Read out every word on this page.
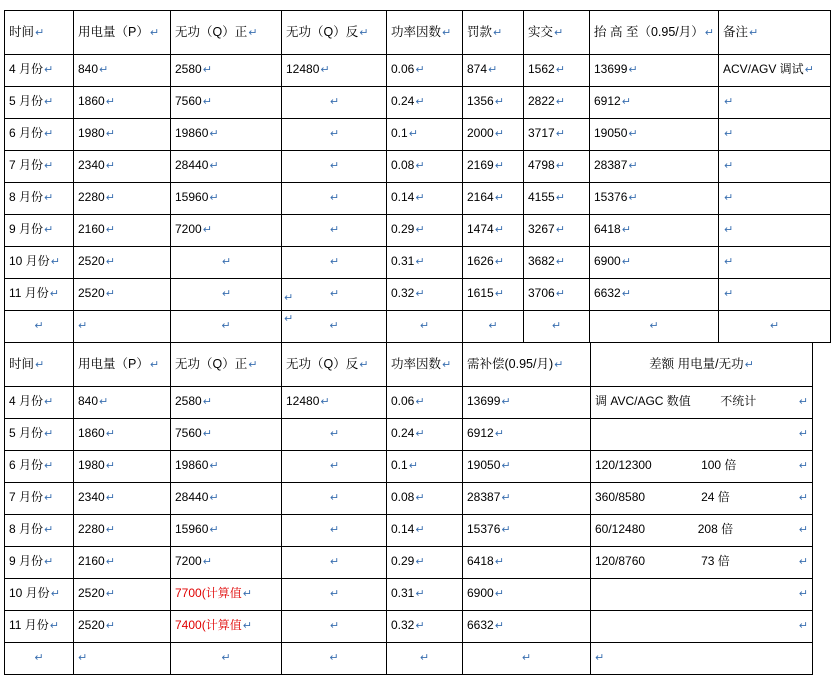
时间↵	用电量（P）↵	无功（Q）正↵	无功（Q）反↵	功率因数↵	罚款↵	实交↵	抬 高 至（0.95/月）↵	备注↵
4 月份↵	840↵	2580↵	12480↵	0.06↵	874↵	1562↵	13699↵	ACV/AGV 调试↵
5 月份↵	1860↵	7560↵	↵	0.24↵	1356↵	2822↵	6912↵	↵
6 月份↵	1980↵	19860↵	↵	0.1↵	2000↵	3717↵	19050↵	↵
7 月份↵	2340↵	28440↵	↵	0.08↵	2169↵	4798↵	28387↵	↵
8 月份↵	2280↵	15960↵	↵	0.14↵	2164↵	4155↵	15376↵	↵
9 月份↵	2160↵	7200↵	↵	0.29↵	1474↵	3267↵	6418↵	↵
10 月份↵	2520↵	↵	↵	0.31↵	1626↵	3682↵	6900↵	↵
11 月份↵	2520↵	↵	↵	0.32↵	1615↵	3706↵	6632↵	↵
↵	↵	↵	↵	↵	↵	↵	↵	↵
↵
↵
时间↵	用电量（P）↵	无功（Q）正↵	无功（Q）反↵	功率因数↵	需补偿(0.95/月)↵	差额 用电量/无功↵
4 月份↵	840↵	2580↵	12480↵	0.06↵	13699↵	调 AVC/AGC 数值 不统计 ↵

5 月份↵	1860↵	7560↵	↵	0.24↵	6912↵	↵

6 月份↵	1980↵	19860↵	↵	0.1↵	19050↵	120/12300 100 倍 ↵

7 月份↵	2340↵	28440↵	↵	0.08↵	28387↵	360/8580 24 倍 ↵

8 月份↵	2280↵	15960↵	↵	0.14↵	15376↵	60/12480 208 倍 ↵

9 月份↵	2160↵	7200↵	↵	0.29↵	6418↵	120/8760 73 倍 ↵

10 月份↵	2520↵	7700(计算值↵	↵	0.31↵	6900↵	↵

11 月份↵	2520↵	7400(计算值↵	↵	0.32↵	6632↵	↵

↵	↵	↵	↵	↵	↵	↵
